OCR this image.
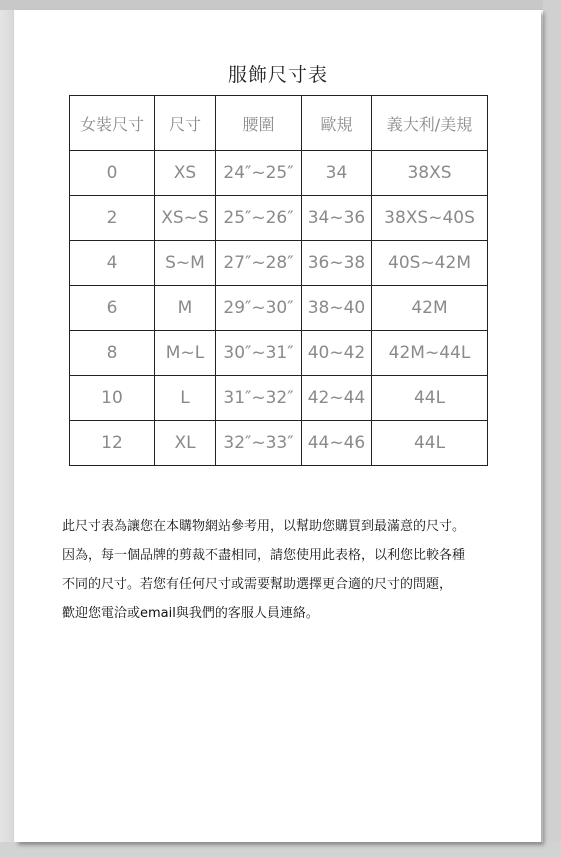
服飾尺寸表
女裝尺寸	尺寸	腰圍	歐規	義大利/美規
0	XS	24″~25″	34	38XS
2	XS~S	25″~26″	34~36	38XS~40S
4	S~M	27″~28″	36~38	40S~42M
6	M	29″~30″	38~40	42M
8	M~L	30″~31″	40~42	42M~44L
10	L	31″~32″	42~44	44L
12	XL	32″~33″	44~46	44L

此尺寸表為讓您在本購物網站參考用，以幫助您購買到最滿意的尺寸。

因為，每一個品牌的剪裁不盡相同，請您使用此表格，以利您比較各種

不同的尺寸。若您有任何尺寸或需要幫助選擇更合適的尺寸的問題，

歡迎您電洽或email與我們的客服人員連絡。
